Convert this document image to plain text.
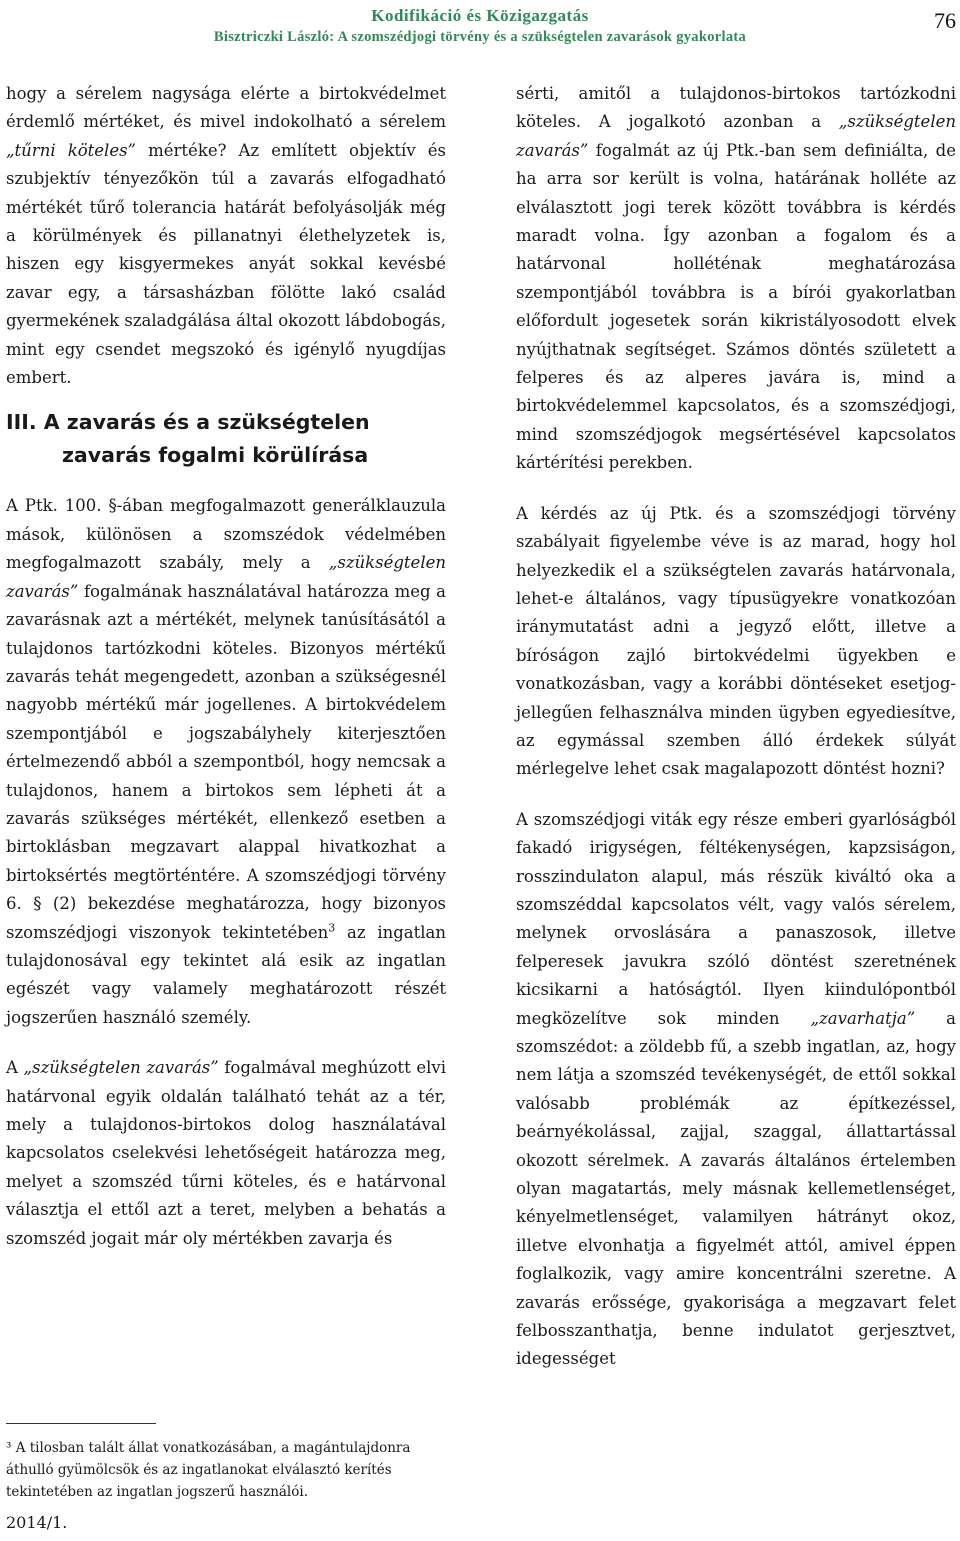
Kodifikáció és Közigazgatás
Bisztriczki László: A szomszédjogi törvény és a szükségtelen zavarások gyakorlata
76

hogy a sérelem nagysága elérte a birtokvédelmet érdemlő mértéket, és mivel indokolható a sérelem „tűrni köteles” mértéke? Az említett objektív és szubjektív tényezőkön túl a zavarás elfogadható mértékét tűrő tolerancia határát befolyásolják még a körülmények és pillanatnyi élethelyzetek is, hiszen egy kisgyermekes anyát sokkal kevésbé zavar egy, a társasházban fölötte lakó család gyermekének szaladgálása által okozott lábdobogás, mint egy csendet megszokó és igénylő nyugdíjas embert.

III. A zavarás és a szükségtelen
zavarás fogalmi körülírása

A Ptk. 100. §-ában megfogalmazott generálklauzula mások, különösen a szomszédok védelmében megfogalmazott szabály, mely a „szükségtelen zavarás” fogalmának használatával határozza meg a zavarásnak azt a mértékét, melynek tanúsításától a tulajdonos tartózkodni köteles. Bizonyos mértékű zavarás tehát megengedett, azonban a szükségesnél nagyobb mértékű már jogellenes. A birtokvédelem szempontjából e jogszabályhely kiterjesztően értelmezendő abból a szempontból, hogy nemcsak a tulajdonos, hanem a birtokos sem lépheti át a zavarás szükséges mértékét, ellenkező esetben a birtoklásban megzavart alappal hivatkozhat a birtoksértés megtörténtére. A szomszédjogi törvény 6. § (2) bekezdése meghatározza, hogy bizonyos szomszédjogi viszonyok tekintetében$^3$ az ingatlan tulajdonosával egy tekintet alá esik az ingatlan egészét vagy valamely meghatározott részét jogszerűen használó személy.

A „szükségtelen zavarás” fogalmával meghúzott elvi határvonal egyik oldalán található tehát az a tér, mely a tulajdonos-birtokos dolog használatával kapcsolatos cselekvési lehetőségeit határozza meg, melyet a szomszéd tűrni köteles, és e határvonal választja el ettől azt a teret, melyben a behatás a szomszéd jogait már oly mértékben zavarja és

³ A tilosban talált állat vonatkozásában, a magántulajdonra áthulló gyümölcsök és az ingatlanokat elválasztó kerítés tekintetében az ingatlan jogszerű használói.
2014/1.

sérti, amitől a tulajdonos-birtokos tartózkodni köteles. A jogalkotó azonban a „szükségtelen zavarás” fogalmát az új Ptk.-ban sem definiálta, de ha arra sor került is volna, határának holléte az elválasztott jogi terek között továbbra is kérdés maradt volna. Így azonban a fogalom és a határvonal holléténak meghatározása szempontjából továbbra is a bírói gyakorlatban előfordult jogesetek során kikristályosodott elvek nyújthatnak segítséget. Számos döntés született a felperes és az alperes javára is, mind a birtokvédelemmel kapcsolatos, és a szomszédjogi, mind szomszédjogok megsértésével kapcsolatos kártérítési perekben.

A kérdés az új Ptk. és a szomszédjogi törvény szabályait figyelembe véve is az marad, hogy hol helyezkedik el a szükségtelen zavarás határvonala, lehet-e általános, vagy típusügyekre vonatkozóan iránymutatást adni a jegyző előtt, illetve a bíróságon zajló birtokvédelmi ügyekben e vonatkozásban, vagy a korábbi döntéseket esetjog-jellegűen felhasználva minden ügyben egyediesítve, az egymással szemben álló érdekek súlyát mérlegelve lehet csak magalapozott döntést hozni?

A szomszédjogi viták egy része emberi gyarlóságból fakadó irigységen, féltékenységen, kapzsiságon, rosszindulaton alapul, más részük kiváltó oka a szomszéddal kapcsolatos vélt, vagy valós sérelem, melynek orvoslására a panaszosok, illetve felperesek javukra szóló döntést szeretnének kicsikarni a hatóságtól. Ilyen kiindulópontból megközelítve sok minden „zavarhatja” a szomszédot: a zöldebb fű, a szebb ingatlan, az, hogy nem látja a szomszéd tevékenységét, de ettől sokkal valósabb problémák az építkezéssel, beárnyékolással, zajjal, szaggal, állattartással okozott sérelmek. A zavarás általános értelemben olyan magatartás, mely másnak kellemetlenséget, kényelmetlenséget, valamilyen hátrányt okoz, illetve elvonhatja a figyelmét attól, amivel éppen foglalkozik, vagy amire koncentrálni szeretne. A zavarás erőssége, gyakorisága a megzavart felet felbosszanthatja, benne indulatot gerjesztvet, idegességet
